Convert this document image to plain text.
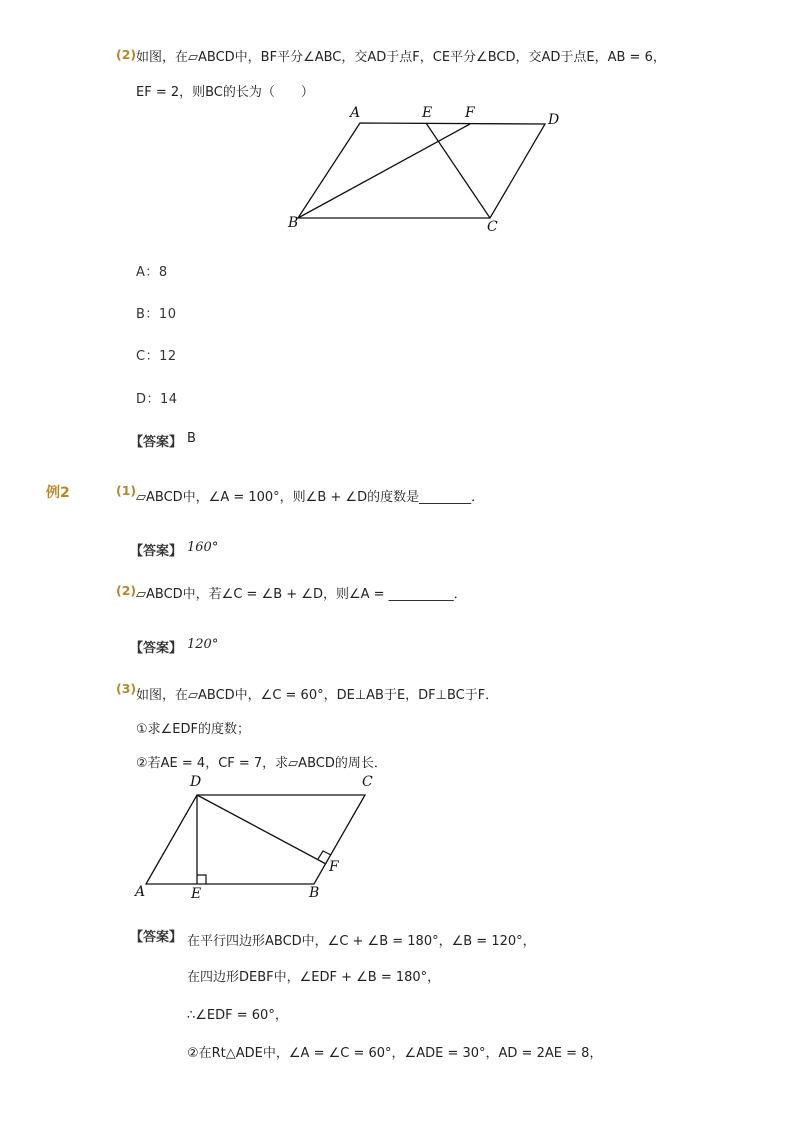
(2) 如图，在▱ABCD中，BF平分∠ABC，交AD于点F，CE平分∠BCD，交AD于点E，AB = 6，
EF = 2，则BC的长为（　　）
A	E F	D
B	C
A：8
B：10
C：12
D：14
【答案】 B
例2	(1) ▱ABCD中，∠A = 100°，则∠B + ∠D的度数是________．
【答案】 160°
(2) ▱ABCD中，若∠C = ∠B + ∠D，则∠A = __________．
【答案】 120°
(3) 如图，在▱ABCD中，∠C = 60°，DE⊥AB于E，DF⊥BC于F．
①求∠EDF的度数；
②若AE = 4，CF = 7，求▱ABCD的周长．
D	C
A	E	B
F
【答案】 在平行四边形ABCD中，∠C + ∠B = 180°，∠B = 120°，
在四边形DEBF中，∠EDF + ∠B = 180°，
∴∠EDF = 60°，
②在Rt△ADE中，∠A = ∠C = 60°，∠ADE = 30°，AD = 2AE = 8，
